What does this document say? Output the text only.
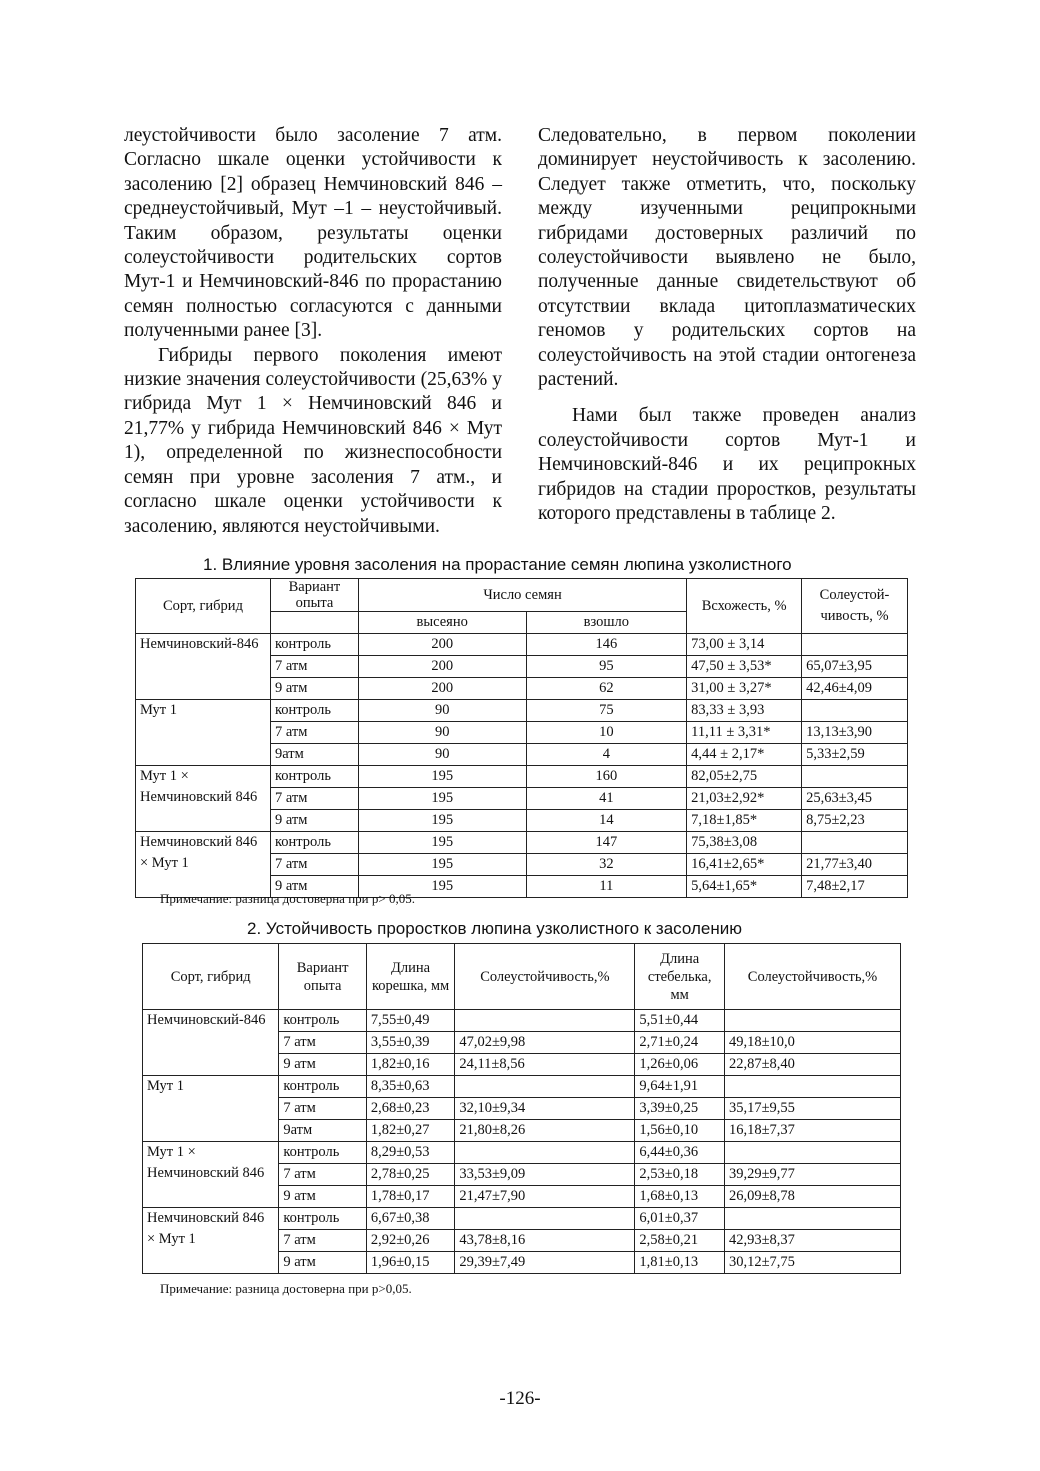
леустойчивости было засоление 7 атм. Согласно шкале оценки устойчивости к засолению [2] образец Немчиновский 846 – среднеустойчивый, Мут –1 – неустойчивый. Таким образом, результаты оценки солеустойчивости родительских сортов Мут-1 и Немчиновский-846 по прорастанию семян полностью согласуются с данными полученными ранее [3].

Гибриды первого поколения имеют низкие значения солеустойчивости (25,63% у гибрида Мут 1 × Немчиновский 846 и 21,77% у гибрида Немчиновский 846 × Мут 1), определенной по жизнеспособности семян при уровне засоления 7 атм., и согласно шкале оценки устойчивости к засолению, являются неустойчивыми.

Следовательно, в первом поколении доминирует неустойчивость к засолению. Следует также отметить, что, поскольку между изученными реципрокными гибридами достоверных различий по солеустойчивости выявлено не было, полученные данные свидетельствуют об отсутствии вклада цитоплазматических геномов у родительских сортов на солеустойчивость на этой стадии онтогенеза растений.

Нами был также проведен анализ солеустойчивости сортов Мут-1 и Немчиновский-846 и их реципрокных гибридов на стадии проростков, результаты которого представлены в таблице 2.

1. Влияние уровня засоления на прорастание семян люпина узколистного
Сорт, гибрид	Вариант опыта	Число семян		Всхожесть, %	Солеустой-чивость, %
		высеяно	взошло		
Немчиновский-846	контроль	200	146	73,00 ± 3,14	
	7 атм	200	95	47,50 ± 3,53*	65,07±3,95
	9 атм	200	62	31,00 ± 3,27*	42,46±4,09
Мут 1	контроль	90	75	83,33 ± 3,93	
	7 атм	90	10	11,11 ± 3,31*	13,13±3,90
	9атм	90	4	4,44 ± 2,17*	5,33±2,59
Мут 1 × Немчиновский 846	контроль	195	160	82,05±2,75	
	7 атм	195	41	21,03±2,92*	25,63±3,45
	9 атм	195	14	7,18±1,85*	8,75±2,23
Немчиновский 846 × Мут 1	контроль	195	147	75,38±3,08	
	7 атм	195	32	16,41±2,65*	21,77±3,40
	9 атм	195	11	5,64±1,65*	7,48±2,17
Примечание: разница достоверна при р> 0,05.
2. Устойчивость проростков люпина узколистного к засолению
Сорт, гибрид	Вариант опыта	Длина корешка, мм	Солеустойчивость,%	Длина стебелька, мм	Солеустойчивость,%
Немчиновский-846	контроль	7,55±0,49		5,51±0,44	
	7 атм	3,55±0,39	47,02±9,98	2,71±0,24	49,18±10,0
	9 атм	1,82±0,16	24,11±8,56	1,26±0,06	22,87±8,40
Мут 1	контроль	8,35±0,63		9,64±1,91	
	7 атм	2,68±0,23	32,10±9,34	3,39±0,25	35,17±9,55
	9атм	1,82±0,27	21,80±8,26	1,56±0,10	16,18±7,37
Мут 1 × Немчиновский 846	контроль	8,29±0,53		6,44±0,36	
	7 атм	2,78±0,25	33,53±9,09	2,53±0,18	39,29±9,77
	9 атм	1,78±0,17	21,47±7,90	1,68±0,13	26,09±8,78
Немчиновский 846 × Мут 1	контроль	6,67±0,38		6,01±0,37	
	7 атм	2,92±0,26	43,78±8,16	2,58±0,21	42,93±8,37
	9 атм	1,96±0,15	29,39±7,49	1,81±0,13	30,12±7,75
Примечание: разница достоверна при р>0,05.
-126-
